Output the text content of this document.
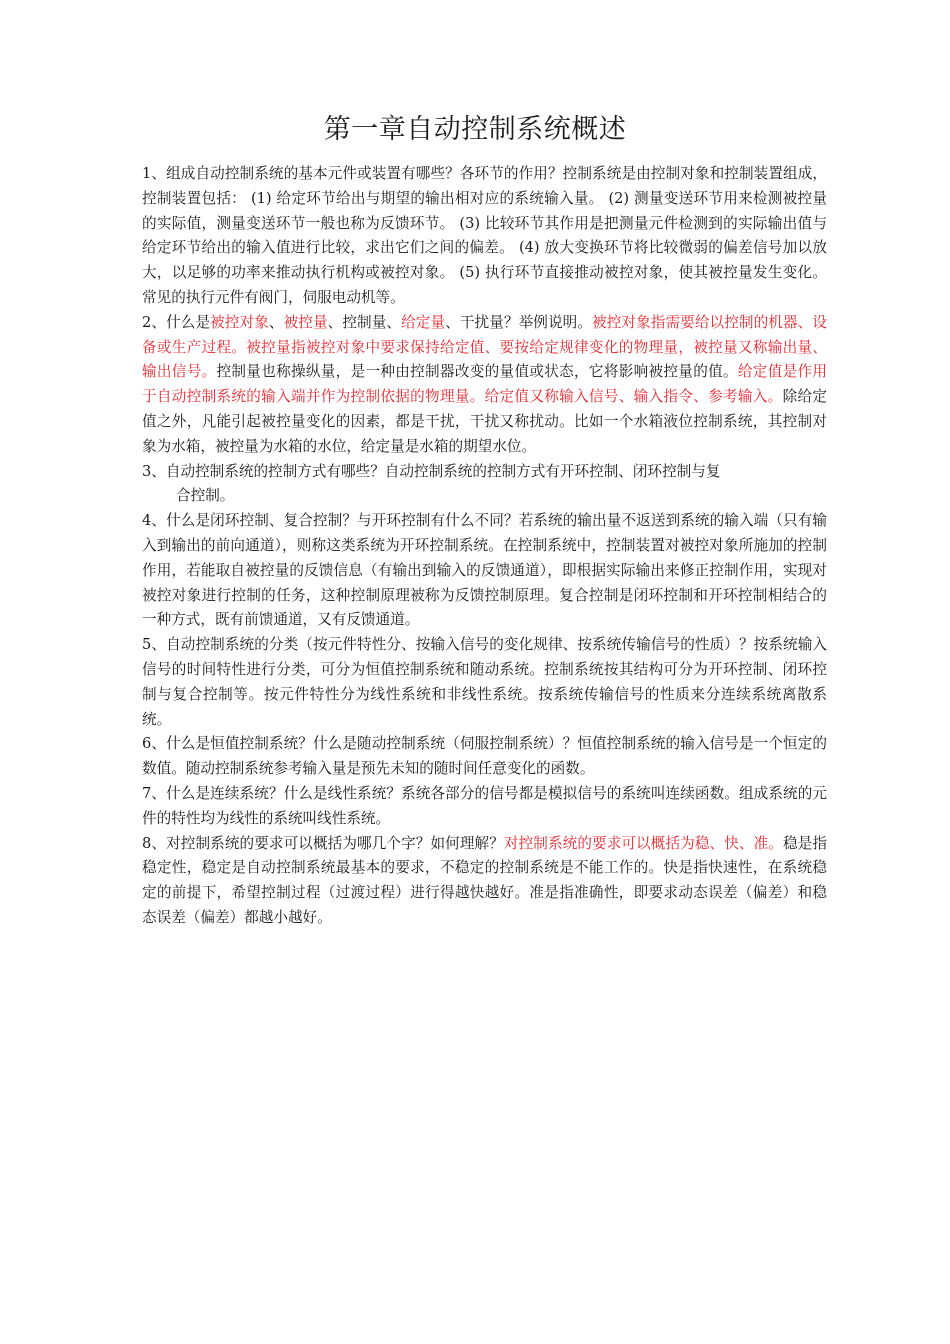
第一章自动控制系统概述

1、组成自动控制系统的基本元件或装置有哪些？各环节的作用？控制系统是由控制对象和控制装置组成，控制装置包括： (1) 给定环节给出与期望的输出相对应的系统输入量。 (2) 测量变送环节用来检测被控量的实际值，测量变送环节一般也称为反馈环节。 (3) 比较环节其作用是把测量元件检测到的实际输出值与给定环节给出的输入值进行比较，求出它们之间的偏差。 (4) 放大变换环节将比较微弱的偏差信号加以放大，以足够的功率来推动执行机构或被控对象。 (5) 执行环节直接推动被控对象，使其被控量发生变化。常见的执行元件有阀门，伺服电动机等。

2、什么是被控对象、被控量、控制量、给定量、干扰量？举例说明。被控对象指需要给以控制的机器、设备或生产过程。被控量指被控对象中要求保持给定值、要按给定规律变化的物理量，被控量又称输出量、输出信号。控制量也称操纵量，是一种由控制器改变的量值或状态，它将影响被控量的值。给定值是作用于自动控制系统的输入端并作为控制依据的物理量。给定值又称输入信号、输入指令、参考输入。除给定值之外，凡能引起被控量变化的因素，都是干扰，干扰又称扰动。比如一个水箱液位控制系统，其控制对象为水箱，被控量为水箱的水位，给定量是水箱的期望水位。

3、自动控制系统的控制方式有哪些？自动控制系统的控制方式有开环控制、闭环控制与复
合控制。

4、什么是闭环控制、复合控制？与开环控制有什么不同？若系统的输出量不返送到系统的输入端（只有输入到输出的前向通道），则称这类系统为开环控制系统。在控制系统中，控制装置对被控对象所施加的控制作用，若能取自被控量的反馈信息（有输出到输入的反馈通道），即根据实际输出来修正控制作用，实现对被控对象进行控制的任务，这种控制原理被称为反馈控制原理。复合控制是闭环控制和开环控制相结合的一种方式，既有前馈通道，又有反馈通道。

5、自动控制系统的分类（按元件特性分、按输入信号的变化规律、按系统传输信号的性质）？按系统输入信号的时间特性进行分类，可分为恒值控制系统和随动系统。控制系统按其结构可分为开环控制、闭环控制与复合控制等。按元件特性分为线性系统和非线性系统。按系统传输信号的性质来分连续系统离散系统。

6、什么是恒值控制系统？什么是随动控制系统（伺服控制系统）？恒值控制系统的输入信号是一个恒定的数值。随动控制系统参考输入量是预先未知的随时间任意变化的函数。

7、什么是连续系统？什么是线性系统？系统各部分的信号都是模拟信号的系统叫连续函数。组成系统的元件的特性均为线性的系统叫线性系统。

8、对控制系统的要求可以概括为哪几个字？如何理解？对控制系统的要求可以概括为稳、快、准。稳是指稳定性，稳定是自动控制系统最基本的要求，不稳定的控制系统是不能工作的。快是指快速性，在系统稳定的前提下，希望控制过程（过渡过程）进行得越快越好。准是指准确性，即要求动态误差（偏差）和稳态误差（偏差）都越小越好。
